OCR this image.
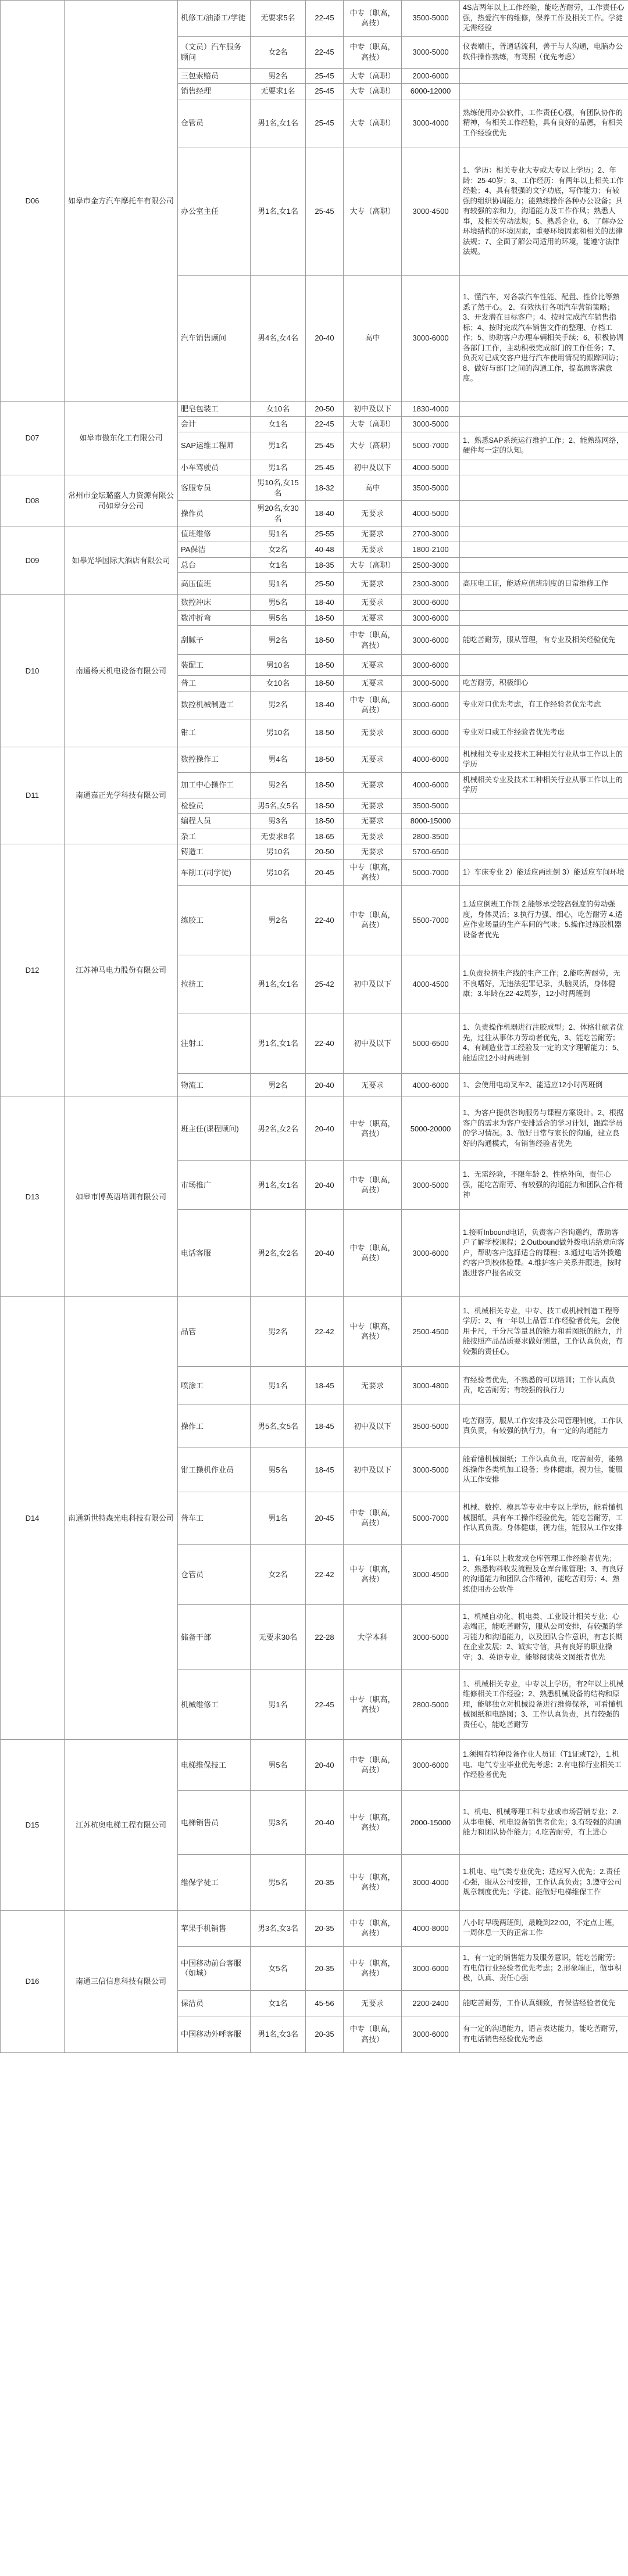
D06	如皋市金方汽车摩托车有限公司	机修工/油漆工/学徒	无要求5名	22-45	中专（职高，高技）	3500-5000	4S店两年以上工作经验，能吃苦耐劳，工作责任心强，热爱汽车的维修，保养工作及相关工作。学徒无需经验
		（文员）汽车服务顾问	女2名	22-45	中专（职高，高技）	3000-5000	仪表端庄，普通话流利，善于与人沟通，电脑办公软件操作熟练，有驾照（优先考虑）
		三包索赔员	男2名	25-45	大专（高职）	2000-6000	
		销售经理	无要求1名	25-45	大专（高职）	6000-12000	
		仓管员	男1名,女1名	25-45	大专（高职）	3000-4000	熟练使用办公软件，工作责任心强，有团队协作的精神，有相关工作经验，具有良好的品德，有相关工作经验优先
		办公室主任	男1名,女1名	25-45	大专（高职）	3000-4500	1、学历：相关专业大专或大专以上学历；2、年龄：25-40岁；3、工作经历：有两年以上相关工作经验；4、具有很强的文字功底，写作能力；有较强的组织协调能力；能熟练操作各种办公设备；具有较强的亲和力，沟通能力及工作作风；熟悉人事，及相关劳动法规；5、熟悉企业，6、了解办公环境结构的环境因素，重要环境因素和相关的法律法规；7、全面了解公司适用的环境，能遵守法律法规。
		汽车销售顾问	男4名,女4名	20-40	高中	3000-6000	1、懂汽车，对各款汽车性能、配置、性价比等熟悉了然于心。 2、有效执行各项汽车营销策略；3、开发潜在目标客户；4、按时完成汽车销售指标；4、按时完成汽车销售文件的整理、存档工作；5、协助客户办理车辆相关手续；6、积极协调各部门工作，主动积极完成部门的工作任务；7、负责对已成交客户进行汽车使用情况的跟踪回访；8、做好与部门之间的沟通工作，提高顾客满意度。
D07	如皋市傲东化工有限公司	肥皂包装工	女10名	20-50	初中及以下	1830-4000	
		会计	女1名	22-45	大专（高职）	3000-5000	
		SAP运维工程师	男1名	25-45	大专（高职）	5000-7000	1、熟悉SAP系统运行维护工作；2、能熟练网络，硬件每一定的认知。
		小车驾驶员	男1名	25-45	初中及以下	4000-5000	
D08	常州市金坛璐盛人力资源有限公司如皋分公司	客服专员	男10名,女15名	18-32	高中	3500-5000	
		操作员	男20名,女30名	18-40	无要求	4000-5000	
D09	如皋光华国际大酒店有限公司	值班维修	男1名	25-55	无要求	2700-3000	
		PA保洁	女2名	40-48	无要求	1800-2100	
		总台	女1名	18-35	大专（高职）	2500-3000	
		高压值班	男1名	25-50	无要求	2300-3000	高压电工证，能适应值班制度的日常维修工作
D10	南通杨天机电设备有限公司	数控冲床	男5名	18-40	无要求	3000-6000	
		数冲折弯	男5名	18-50	无要求	3000-6000	
		刮腻子	男2名	18-50	中专（职高，高技）	3000-6000	能吃苦耐劳，服从管理，有专业及相关经验优先
		装配工	男10名	18-50	无要求	3000-6000	
		普工	女10名	18-50	无要求	3000-5000	吃苦耐劳，积极细心
		数控机械制造工	男2名	18-40	中专（职高，高技）	3000-6000	专业对口优先考虑，有工作经验者优先考虑
		钳工	男10名	18-50	无要求	3000-6000	专业对口或工作经验者优先考虑
D11	南通嘉正光学科技有限公司	数控操作工	男4名	18-50	无要求	4000-6000	机械相关专业及技术工种相关行业从事工作以上的学历
		加工中心操作工	男2名	18-50	无要求	4000-6000	机械相关专业及技术工种相关行业从事工作以上的学历
		检验员	男5名,女5名	18-50	无要求	3500-5000	
		编程人员	男3名	18-50	无要求	8000-15000	
		杂工	无要求8名	18-65	无要求	2800-3500	
D12	江苏神马电力股份有限公司	铸造工	男10名	20-50	无要求	5700-6500	
		车削工(司学徒)	男10名	20-45	中专（职高，高技）	5000-7000	1）车床专业 2）能适应两班倒 3）能适应车间环境
		练胶工	男2名	22-40	中专（职高，高技）	5500-7000	1.适应倒班工作制 2.能够承受较高强度的劳动强度，身体灵活；3.执行力强、细心，吃苦耐劳 4.适应作业场量的生产车间的气味；5.操作过练胶机器设备者优先
		拉挤工	男1名,女1名	25-42	初中及以下	4000-4500	1.负责拉挤生产线的生产工作；2.能吃苦耐劳，无不良嗜好，无违法犯罪记录，头脑灵活，身体健康；3.年龄在22-42周岁，12小时两班倒
		注射工	男1名,女1名	22-40	初中及以下	5000-6500	1、负责操作机器进行注胶成型；2、体格壮硕者优先，过往从事体力劳动者优先，3、能吃苦耐劳；4、有制造业普工经验及一定的文字理解能力；5、能适应12小时两班倒
		物流工	男2名	20-40	无要求	4000-6000	1、会使用电动叉车2、能适应12小时两班倒
D13	如皋市博英语培训有限公司	班主任(课程顾问)	男2名,女2名	20-40	中专（职高，高技）	5000-20000	1、为客户提供咨询服务与课程方案设计。2、根据客户的需求为客户安排适合的学习计划，跟踪学员的学习情况。3、做好日常与家长的沟通，建立良好的沟通模式，有销售经验者优先
		市场推广	男1名,女1名	20-40	中专（职高，高技）	3000-5000	1、无需经验，不限年龄 2、性格外向，责任心强，能吃苦耐劳、有较强的沟通能力和团队合作精神
		电话客服	男2名,女2名	20-40	中专（职高，高技）	3000-6000	1.接听Inbound电话，负责客户咨询邀约，帮助客户了解学校课程；2.Outbound做外拨电话给意向客户，帮助客户选择适合的课程；3.通过电话外拨邀约客户到校体验课。4.维护客户关系并跟进，按时跟进客户报名成交
D14	南通新世特森光电科技有限公司	品管	男2名	22-42	中专（职高，高技）	2500-4500	1、机械相关专业，中专、技工或机械制造工程等学历；2、有一年以上品管工作经验者优先，会使用卡尺，千分尺等量具的能力和看图纸的能力，并能按照产品品质要求做好测量，工作认真负责，有较强的责任心。
		喷涂工	男1名	18-45	无要求	3000-4800	有经验者优先，不熟悉的可以培训；工作认真负责，吃苦耐劳；有较强的执行力
		操作工	男5名,女5名	18-45	初中及以下	3500-5000	吃苦耐劳，服从工作安排及公司管理制度，工作认真负责，有较强的执行力，有一定的沟通能力
		钳工操机作业员	男5名	18-45	初中及以下	3000-5000	能看懂机械图纸；工作认真负责，吃苦耐劳，能熟练操作各类机加工设备；身体健康，视力佳，能服从工作安排
		普车工	男1名	20-45	中专（职高，高技）	5000-7000	机械、数控、模具等专业中专以上学历，能看懂机械图纸，具有车工操作经验优先，能吃苦耐劳，工作认真负责。身体健康，视力佳，能服从工作安排
		仓管员	女2名	22-42	中专（职高，高技）	3000-4500	1、有1年以上收发或仓库管理工作经验者优先；2、熟悉物料收发流程及仓库台账管理；3、有良好的沟通能力和团队合作精神，能吃苦耐劳；4、熟练使用办公软件
		储备干部	无要求30名	22-28	大学本科	3000-5000	1、机械自动化、机电类、工业设计相关专业；心态端正，能吃苦耐劳，服从公司安排，有较强的学习能力和沟通能力，以及团队合作意识，有志长期在企业发展；2、诚实守信，具有良好的职业操守；3、英语专业，能够阅读英文图纸者优先
		机械维修工	男1名	22-45	中专（职高，高技）	2800-5000	1、机械相关专业，中专以上学历，有2年以上机械维修相关工作经验；2、熟悉机械设备的结构和原理，能够独立对机械设备进行维修保养，可看懂机械图纸和电路图；3、工作认真负责，具有较强的责任心，能吃苦耐劳
D15	江苏杭奥电梯工程有限公司	电梯维保技工	男5名	20-40	中专（职高，高技）	3000-6000	1.须拥有特种设备作业人员证（T1证或T2），1.机电、电气专业毕业优先考虑；2.有电梯行业相关工作经验者优先
		电梯销售员	男3名	20-40	中专（职高，高技）	2000-15000	1、机电、机械等理工科专业或市场营销专业；2.从事电梯、机电设备销售者优先；3.有较强的沟通能力和团队协作能力；4.吃苦耐劳，有上进心
		维保学徒工	男5名	20-35	中专（职高，高技）	3000-4000	1.机电、电气类专业优先；适应写入优先；2.责任心强，服从公司安排，工作认真负责；3.遵守公司规章制度优先；学徒、能做好电梯维保工作
D16	南通三信信息科技有限公司	苹果手机销售	男3名,女3名	20-35	中专（职高，高技）	4000-8000	八小时早晚两班倒，最晚到22:00，不定点上班，一周休息一天的正常工作
		中国移动前台客服（如城）	女5名	20-35	中专（职高，高技）	3000-6000	1、有一定的销售能力及服务意识，能吃苦耐劳；有电信行业经验者优先考虑；2.形象端正，做事积极，认真、责任心强
		保洁员	女1名	45-56	无要求	2200-2400	能吃苦耐劳，工作认真细致，有保洁经验者优先
		中国移动外呼客服	男1名,女3名	20-35	中专（职高，高技）	3000-6000	有一定的沟通能力，语言表达能力，能吃苦耐劳，有电话销售经验优先考虑
